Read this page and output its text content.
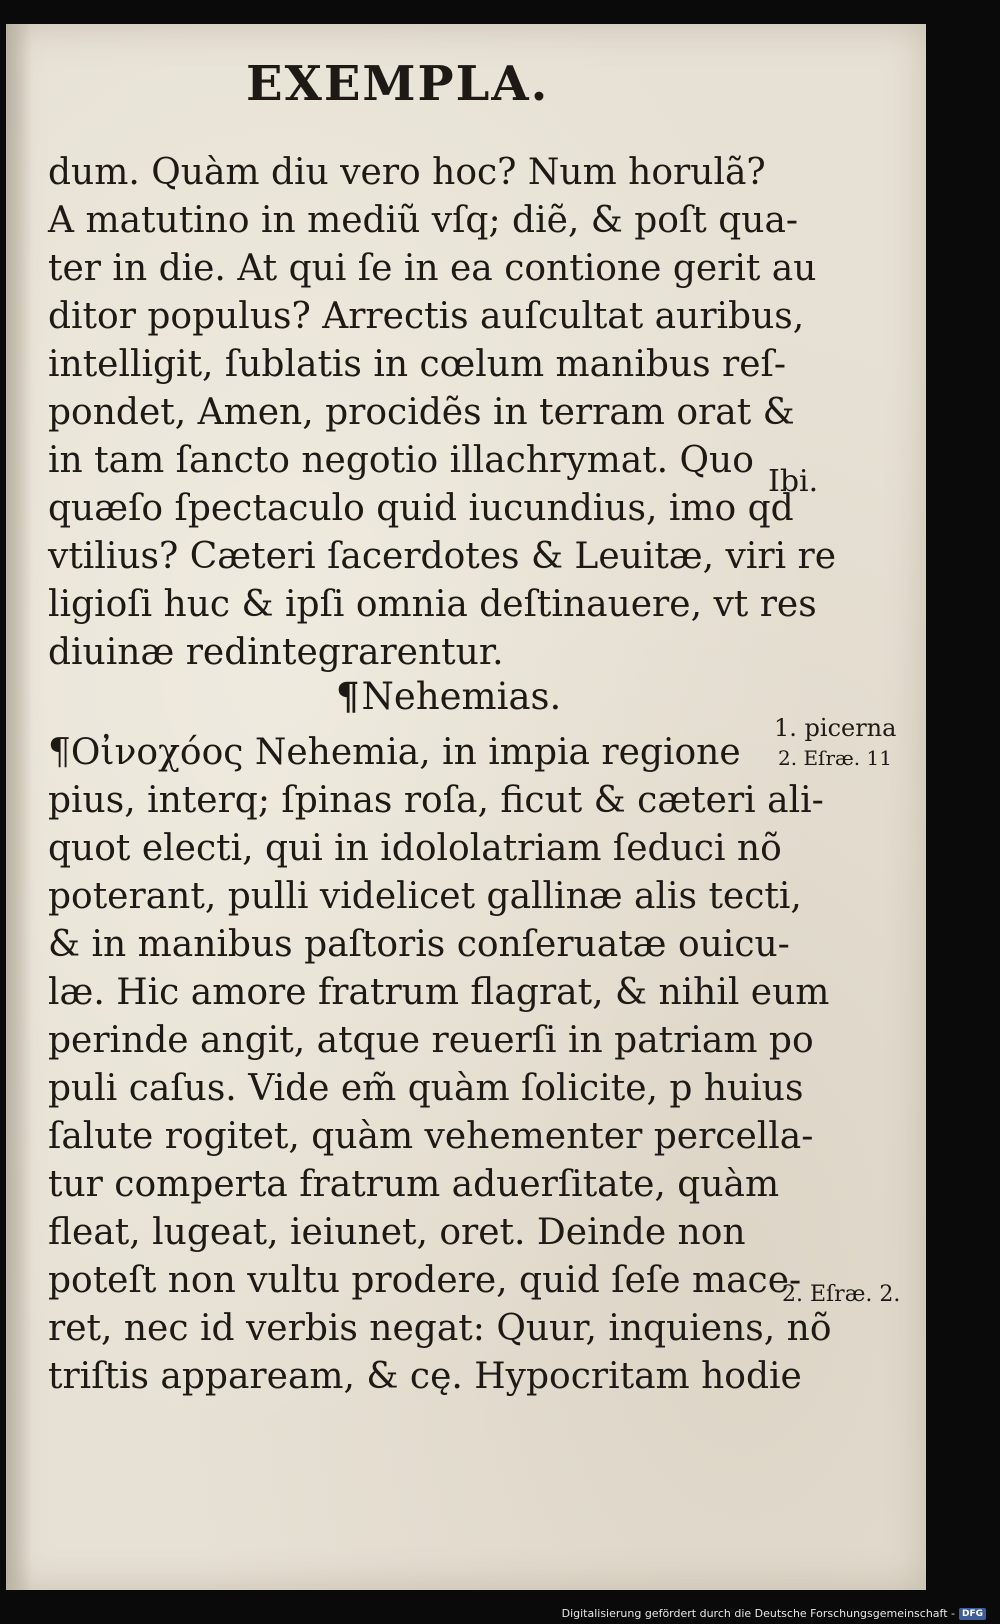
EXEMPLA.
dum. Quàm diu vero hoc? Num horulã?
A matutino in mediũ vſq; diẽ, & poſt qua-
ter in die. At qui ſe in ea contione gerit au
ditor populus? Arrectis auſcultat auribus,
intelligit, ſublatis in cœlum manibus reſ-
pondet, Amen, procidẽs in terram orat &
in tam ſancto negotio illachrymat. Quo
quæſo ſpectaculo quid iucundius, imo qd
vtilius? Cæteri ſacerdotes & Leuitæ, viri re
ligioſi huc & ipſi omnia deſtinauere, vt res
diuinæ redintegrarentur.
¶Nehemias.
¶Οἰνοχόος Nehemia, in impia regione
pius, interq; ſpinas roſa, ficut & cæteri ali-
quot electi, qui in idololatriam ſeduci nõ
poterant, pulli videlicet gallinæ alis tecti,
& in manibus paſtoris conſeruatæ ouicu-
læ. Hic amore fratrum flagrat, & nihil eum
perinde angit, atque reuerſi in patriam po
puli caſus. Vide em̃ quàm ſolicite, p huius
ſalute rogitet, quàm vehementer percella-
tur comperta fratrum aduerſitate, quàm
fleat, lugeat, ieiunet, oret. Deinde non
poteſt non vultu prodere, quid ſeſe mace-
ret, nec id verbis negat: Quur, inquiens, nõ
triſtis appaream, & cę. Hypocritam hodie
Ibi.
1. picerna
2. Eſræ. 11
2. Eſræ. 2.
Digitalisierung gefördert durch die Deutsche Forschungsgemeinschaft - DFG
